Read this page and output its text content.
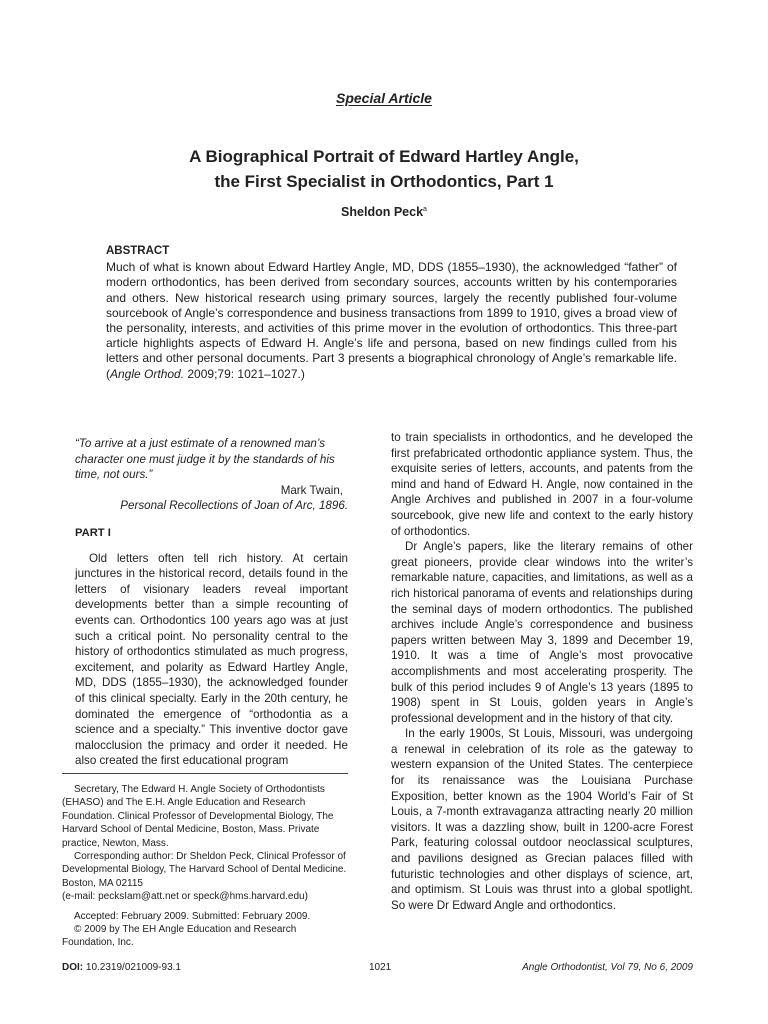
Special Article
A Biographical Portrait of Edward Hartley Angle,
the First Specialist in Orthodontics, Part 1
Sheldon Peck$^a$
ABSTRACT
Much of what is known about Edward Hartley Angle, MD, DDS (1855–1930), the acknowledged “father” of modern orthodontics, has been derived from secondary sources, accounts written by his contemporaries and others. New historical research using primary sources, largely the recently published four-volume sourcebook of Angle’s correspondence and business transactions from 1899 to 1910, gives a broad view of the personality, interests, and activities of this prime mover in the evolution of orthodontics. This three-part article highlights aspects of Edward H. Angle’s life and persona, based on new findings culled from his letters and other personal documents. Part 3 presents a biographical chronology of Angle’s remarkable life. (Angle Orthod. 2009;79: 1021–1027.)
“To arrive at a just estimate of a renowned man’s character one must judge it by the standards of his time, not ours.”
Mark Twain,
Personal Recollections of Joan of Arc, 1896.
PART I

Old letters often tell rich history. At certain junctures in the historical record, details found in the letters of visionary leaders reveal important developments better than a simple recounting of events can. Orthodontics 100 years ago was at just such a critical point. No personality central to the history of orthodontics stimulated as much progress, excitement, and polarity as Edward Hartley Angle, MD, DDS (1855–1930), the acknowledged founder of this clinical specialty. Early in the 20th century, he dominated the emergence of “orthodontia as a science and a specialty.” This inventive doctor gave malocclusion the primacy and order it needed. He also created the first educational program

to train specialists in orthodontics, and he developed the first prefabricated orthodontic appliance system. Thus, the exquisite series of letters, accounts, and patents from the mind and hand of Edward H. Angle, now contained in the Angle Archives and published in 2007 in a four-volume sourcebook, give new life and context to the early history of orthodontics.

Dr Angle’s papers, like the literary remains of other great pioneers, provide clear windows into the writer’s remarkable nature, capacities, and limitations, as well as a rich historical panorama of events and relationships during the seminal days of modern orthodontics. The published archives include Angle’s correspondence and business papers written between May 3, 1899 and December 19, 1910. It was a time of Angle’s most provocative accomplishments and most accelerating prosperity. The bulk of this period includes 9 of Angle’s 13 years (1895 to 1908) spent in St Louis, golden years in Angle’s professional development and in the history of that city.

In the early 1900s, St Louis, Missouri, was undergoing a renewal in celebration of its role as the gateway to western expansion of the United States. The centerpiece for its renaissance was the Louisiana Purchase Exposition, better known as the 1904 World’s Fair of St Louis, a 7-month extravaganza attracting nearly 20 million visitors. It was a dazzling show, built in 1200-acre Forest Park, featuring colossal outdoor neoclassical sculptures, and pavilions designed as Grecian palaces filled with futuristic technologies and other displays of science, art, and optimism. St Louis was thrust into a global spotlight. So were Dr Edward Angle and orthodontics.

Secretary, The Edward H. Angle Society of Orthodontists (EHASO) and The E.H. Angle Education and Research Foundation. Clinical Professor of Developmental Biology, The Harvard School of Dental Medicine, Boston, Mass. Private practice, Newton, Mass.

Corresponding author: Dr Sheldon Peck, Clinical Professor of Developmental Biology, The Harvard School of Dental Medicine. Boston, MA 02115

(e-mail: pecksIam@att.net or speck@hms.harvard.edu)

Accepted: February 2009. Submitted: February 2009.

© 2009 by The EH Angle Education and Research Foundation, Inc.

DOI: 10.2319/021009-93.1	1021	Angle Orthodontist, Vol 79, No 6, 2009
